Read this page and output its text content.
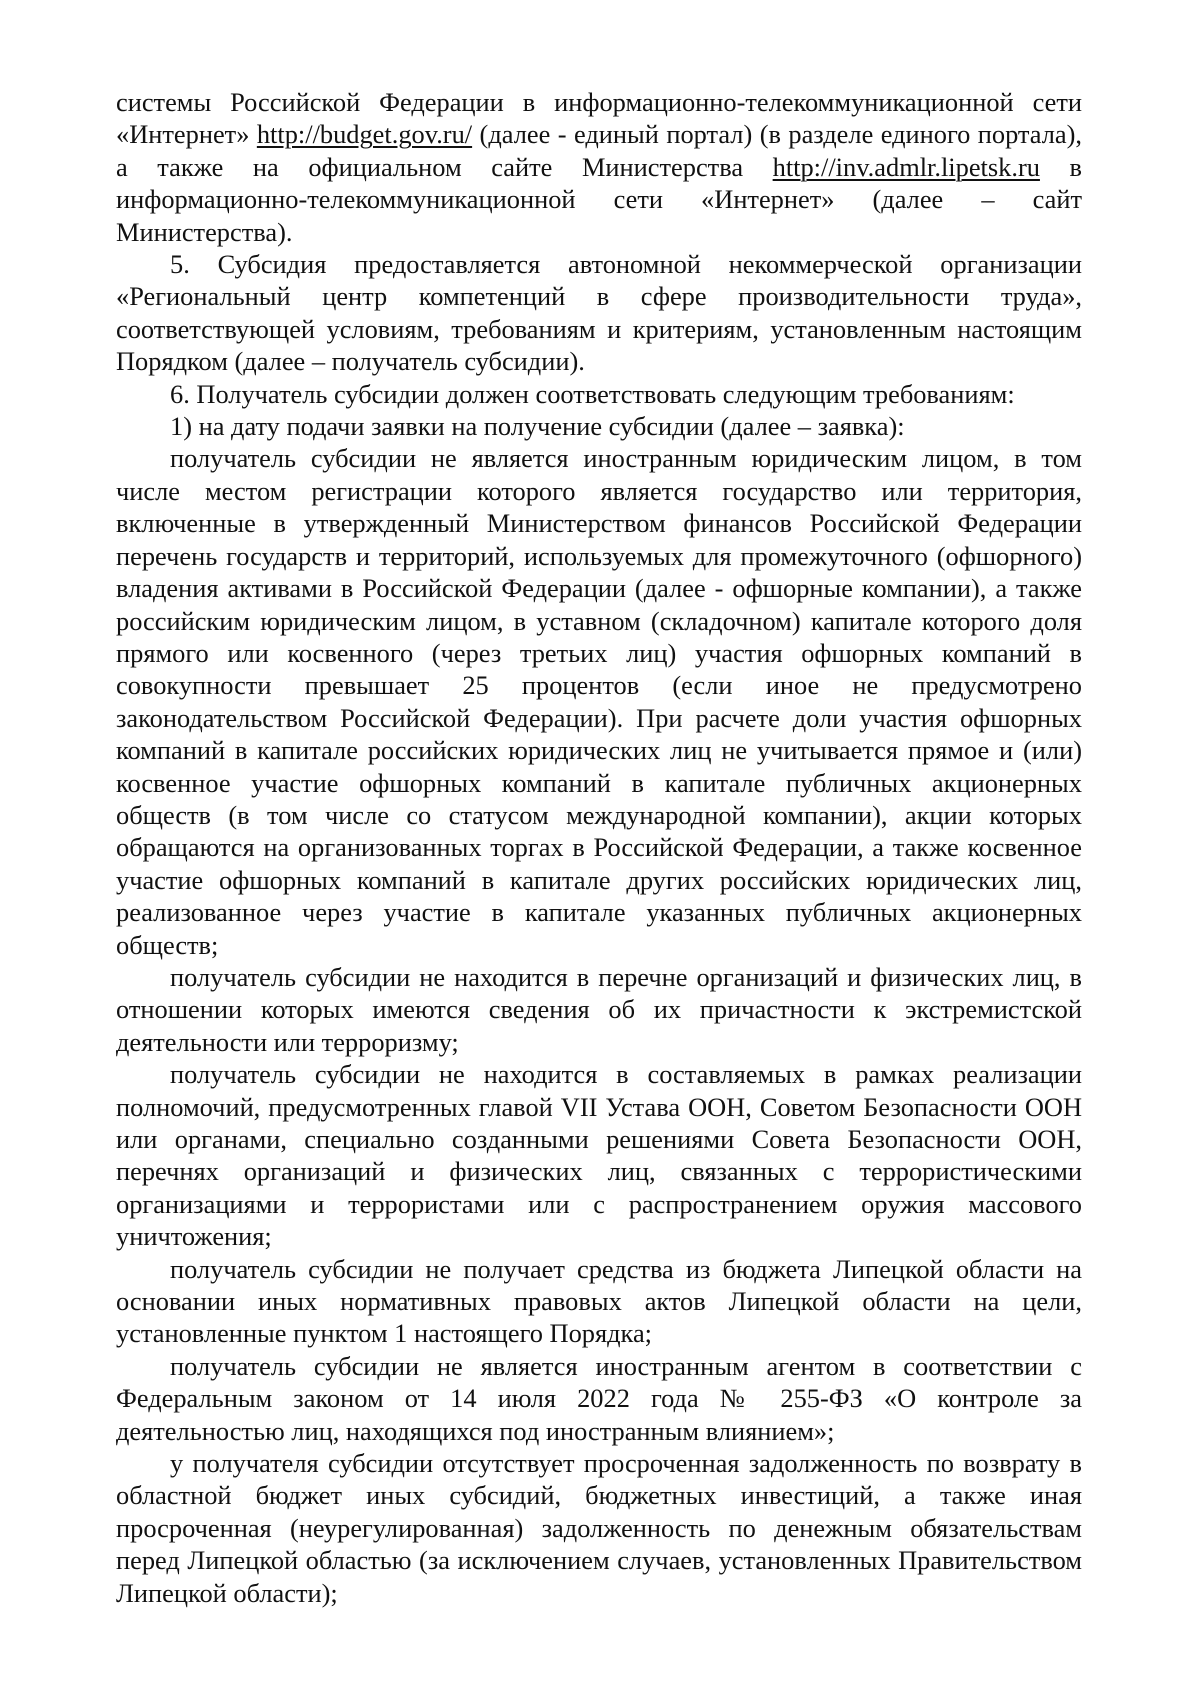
системы Российской Федерации в информационно-телекоммуникационной сети «Интернет» http://budget.gov.ru/ (далее - единый портал) (в разделе единого портала), а также на официальном сайте Министерства http://inv.admlr.lipetsk.ru в информационно-телекоммуникационной сети «Интернет» (далее – сайт Министерства).

5. Субсидия предоставляется автономной некоммерческой организации «Региональный центр компетенций в сфере производительности труда», соответствующей условиям, требованиям и критериям, установленным настоящим Порядком (далее – получатель субсидии).

6. Получатель субсидии должен соответствовать следующим требованиям:

1) на дату подачи заявки на получение субсидии (далее – заявка):

получатель субсидии не является иностранным юридическим лицом, в том числе местом регистрации которого является государство или территория, включенные в утвержденный Министерством финансов Российской Федерации перечень государств и территорий, используемых для промежуточного (офшорного) владения активами в Российской Федерации (далее - офшорные компании), а также российским юридическим лицом, в уставном (складочном) капитале которого доля прямого или косвенного (через третьих лиц) участия офшорных компаний в совокупности превышает 25 процентов (если иное не предусмотрено законодательством Российской Федерации). При расчете доли участия офшорных компаний в капитале российских юридических лиц не учитывается прямое и (или) косвенное участие офшорных компаний в капитале публичных акционерных обществ (в том числе со статусом международной компании), акции которых обращаются на организованных торгах в Российской Федерации, а также косвенное участие офшорных компаний в капитале других российских юридических лиц, реализованное через участие в капитале указанных публичных акционерных обществ;

получатель субсидии не находится в перечне организаций и физических лиц, в отношении которых имеются сведения об их причастности к экстремистской деятельности или терроризму;

получатель субсидии не находится в составляемых в рамках реализации полномочий, предусмотренных главой VII Устава ООН, Советом Безопасности ООН или органами, специально созданными решениями Совета Безопасности ООН, перечнях организаций и физических лиц, связанных с террористическими организациями и террористами или с распространением оружия массового уничтожения;

получатель субсидии не получает средства из бюджета Липецкой области на основании иных нормативных правовых актов Липецкой области на цели, установленные пунктом 1 настоящего Порядка;

получатель субсидии не является иностранным агентом в соответствии с Федеральным законом от 14 июля 2022 года № 255-ФЗ «О контроле за деятельностью лиц, находящихся под иностранным влиянием»;

у получателя субсидии отсутствует просроченная задолженность по возврату в областной бюджет иных субсидий, бюджетных инвестиций, а также иная просроченная (неурегулированная) задолженность по денежным обязательствам перед Липецкой областью (за исключением случаев, установленных Правительством Липецкой области);
